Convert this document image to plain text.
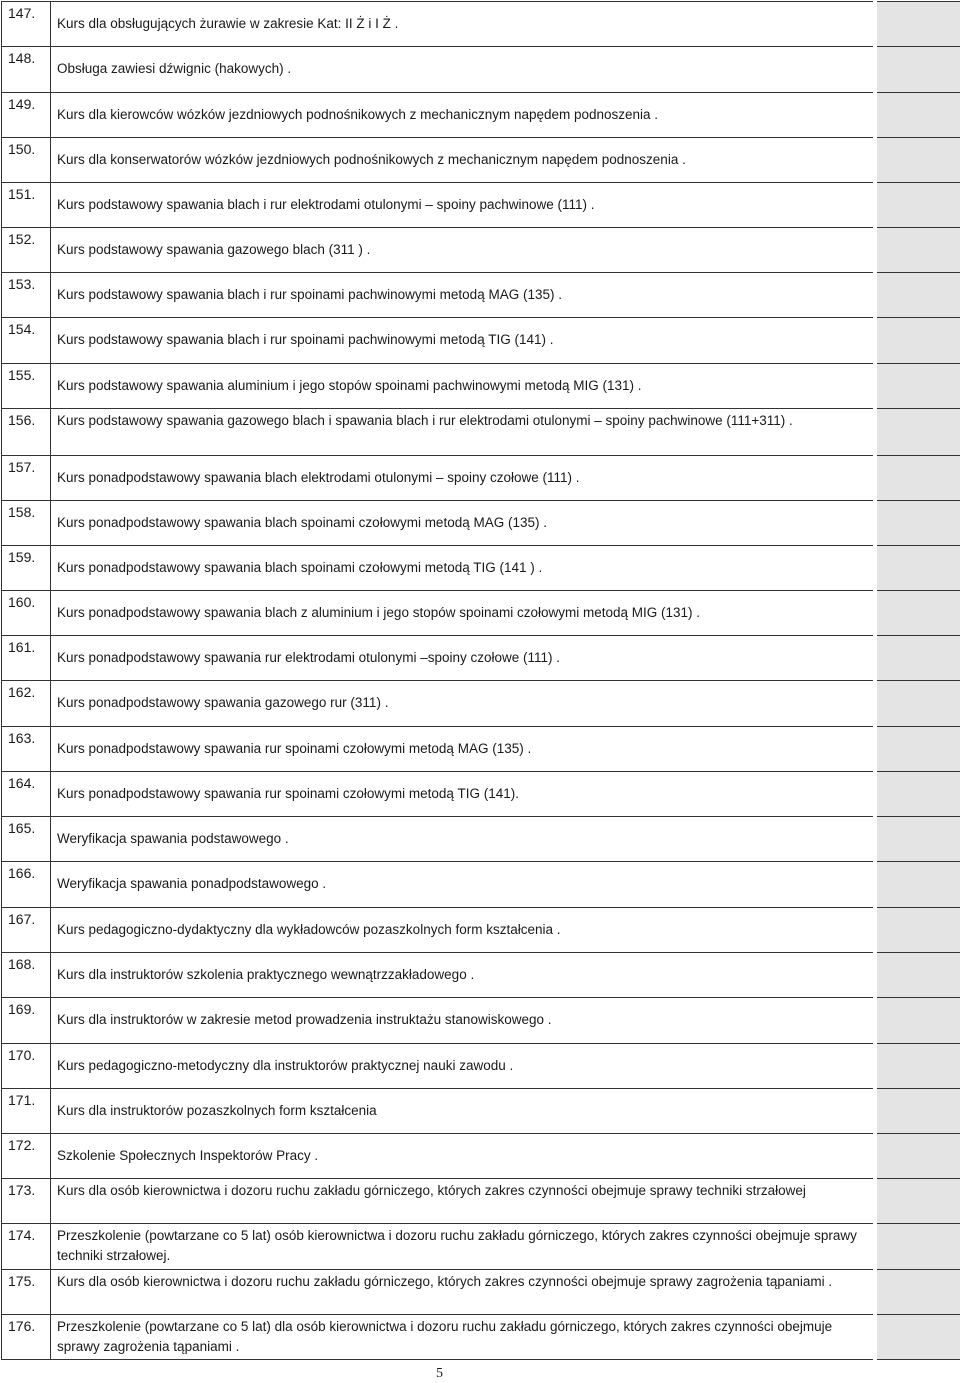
147.	Kurs dla obsługujących żurawie w zakresie Kat: II Ż i I Ż .	

148.	Obsługa zawiesi dźwignic (hakowych) .	

149.	Kurs dla kierowców wózków jezdniowych podnośnikowych z mechanicznym napędem podnoszenia .	

150.	Kurs dla konserwatorów wózków jezdniowych podnośnikowych z mechanicznym napędem podnoszenia .	

151.	Kurs podstawowy spawania blach i rur elektrodami otulonymi – spoiny pachwinowe (111) .	

152.	Kurs podstawowy spawania gazowego blach (311 ) .	

153.	Kurs podstawowy spawania blach i rur spoinami pachwinowymi metodą MAG (135) .	

154.	Kurs podstawowy spawania blach i rur spoinami pachwinowymi metodą TIG (141) .	

155.	Kurs podstawowy spawania aluminium i jego stopów spoinami pachwinowymi metodą MIG (131) .	

156.	Kurs podstawowy spawania gazowego blach i spawania blach i rur elektrodami otulonymi – spoiny pachwinowe (111+311) .	

157.	Kurs ponadpodstawowy spawania blach elektrodami otulonymi – spoiny czołowe (111) .	

158.	Kurs ponadpodstawowy spawania blach spoinami czołowymi metodą MAG (135) .	

159.	Kurs ponadpodstawowy spawania blach spoinami czołowymi metodą TIG (141 ) .	

160.	Kurs ponadpodstawowy spawania blach z aluminium i jego stopów spoinami czołowymi metodą MIG (131) .	

161.	Kurs ponadpodstawowy spawania rur elektrodami otulonymi –spoiny czołowe (111) .	

162.	Kurs ponadpodstawowy spawania gazowego rur (311) .	

163.	Kurs ponadpodstawowy spawania rur spoinami czołowymi metodą MAG (135) .	

164.	Kurs ponadpodstawowy spawania rur spoinami czołowymi metodą TIG (141).	

165.	Weryfikacja spawania podstawowego .	

166.	Weryfikacja spawania ponadpodstawowego .	

167.	Kurs pedagogiczno-dydaktyczny dla wykładowców pozaszkolnych form kształcenia .	

168.	Kurs dla instruktorów szkolenia praktycznego wewnątrzzakładowego .	

169.	Kurs dla instruktorów w zakresie metod prowadzenia instruktażu stanowiskowego .	

170.	Kurs pedagogiczno-metodyczny dla instruktorów praktycznej nauki zawodu .	

171.	Kurs dla instruktorów pozaszkolnych form kształcenia	

172.	Szkolenie Społecznych Inspektorów Pracy .	

173.	Kurs dla osób kierownictwa i dozoru ruchu zakładu górniczego, których zakres czynności obejmuje sprawy techniki strzałowej	

174.	Przeszkolenie (powtarzane co 5 lat) osób kierownictwa i dozoru ruchu zakładu górniczego, których zakres czynności obejmuje sprawy techniki strzałowej.	

175.	Kurs dla osób kierownictwa i dozoru ruchu zakładu górniczego, których zakres czynności obejmuje sprawy zagrożenia tąpaniami .	

176.	Przeszkolenie (powtarzane co 5 lat) dla osób kierownictwa i dozoru ruchu zakładu górniczego, których zakres czynności obejmuje sprawy zagrożenia tąpaniami .	

5
